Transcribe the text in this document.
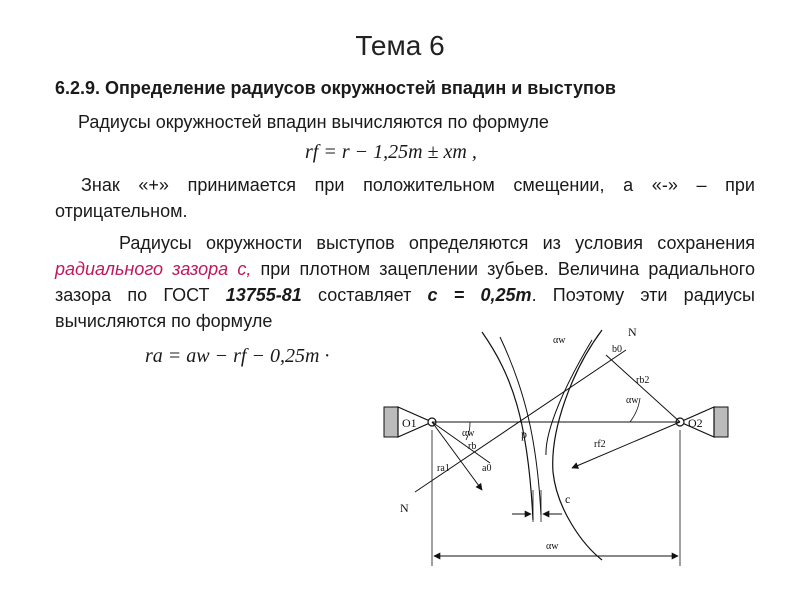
Тема 6
6.2.9. Определение радиусов окружностей впадин и выступов
Радиусы окружностей впадин вычисляются по формуле
rf = r − 1,25m ± xm ,
Знак «+» принимается при положительном смещении, а «-» – при отрицательном.
Радиусы окружности выступов определяются из условия сохранения радиального зазора с, при плотном зацеплении зубьев. Величина радиального зазора по ГОСТ 13755-81 составляет с = 0,25m. Поэтому эти радиусы вычисляются по формуле
ra = aw − rf − 0,25m ·
N
N
O1	O2
αw
b0
rb2
αw
αw
rb
p
rf2
ra1	a0
c
αw
